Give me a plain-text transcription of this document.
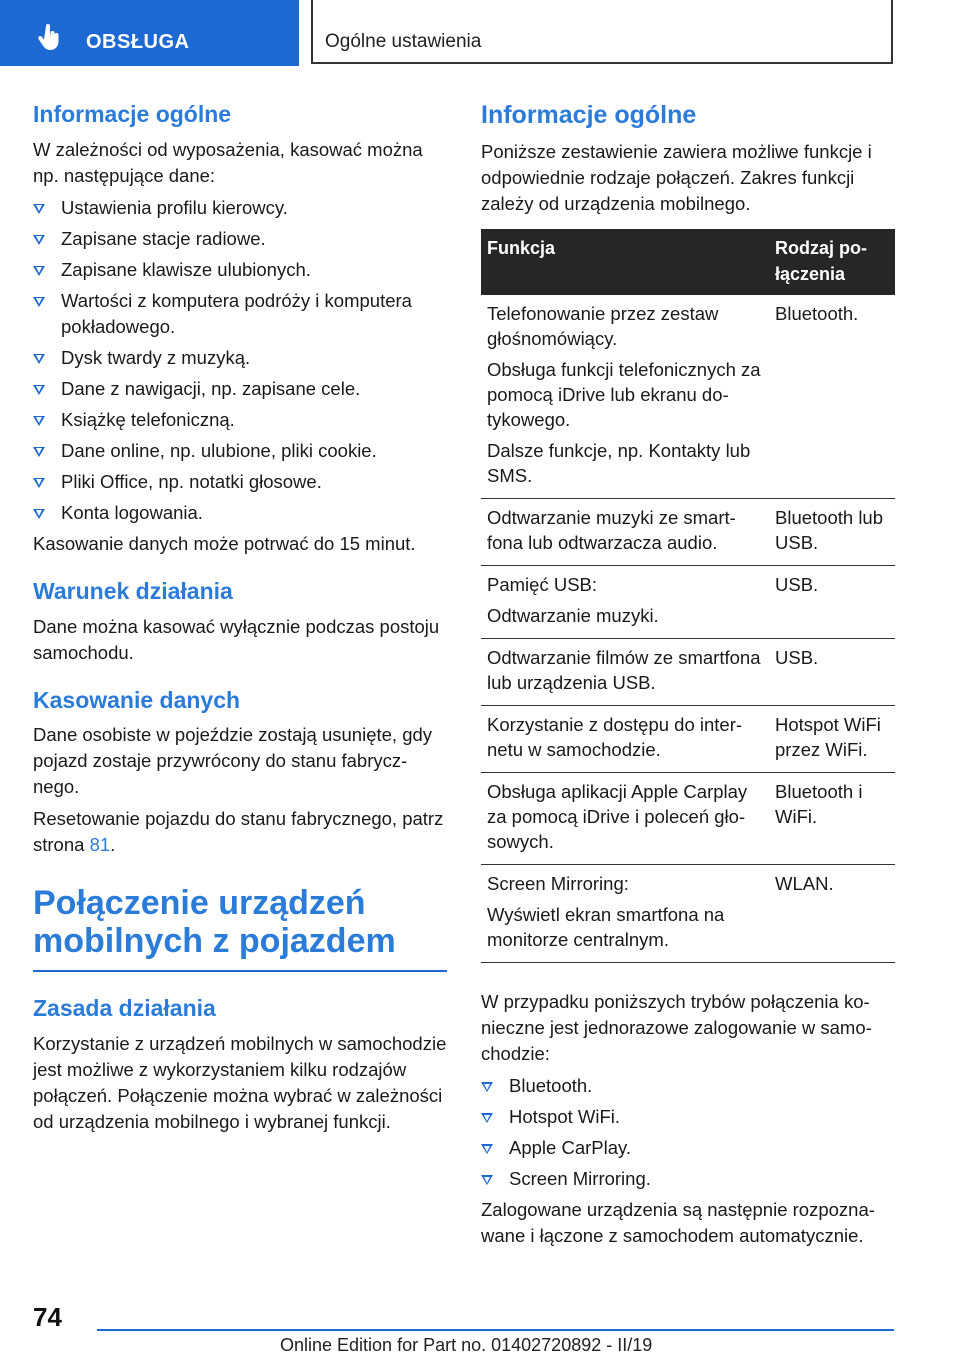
OBSŁUGA	Ogólne ustawienia
Informacje ogólne

W zależności od wyposażenia, kasować można np. następujące dane:

Ustawienia profilu kierowcy.
Zapisane stacje radiowe.
Zapisane klawisze ulubionych.
Wartości z komputera podróży i komputera pokładowego.
Dysk twardy z muzyką.
Dane z nawigacji, np. zapisane cele.
Książkę telefoniczną.
Dane online, np. ulubione, pliki cookie.
Pliki Office, np. notatki głosowe.
Konta logowania.

Kasowanie danych może potrwać do 15 minut.

Warunek działania

Dane można kasować wyłącznie podczas postoju samochodu.

Kasowanie danych

Dane osobiste w pojeździe zostają usunięte, gdy pojazd zostaje przywrócony do stanu fabrycznego.

Resetowanie pojazdu do stanu fabrycznego, patrz strona 81.

Połączenie urządzeń mobilnych z pojazdem
Zasada działania

Korzystanie z urządzeń mobilnych w samochodzie jest możliwe z wykorzystaniem kilku rodzajów połączeń. Połączenie można wybrać w zależności od urządzenia mobilnego i wybranej funkcji.

Informacje ogólne

Poniższe zestawienie zawiera możliwe funkcje i odpowiednie rodzaje połączeń. Zakres funkcji zależy od urządzenia mobilnego.

Funkcja	Rodzaj połączenia

Telefonowanie przez zestaw głośnomówiący.
Obsługa funkcji telefonicznych za pomocą iDrive lub ekranu dotykowego.
Dalsze funkcje, np. Kontakty lub SMS.	Bluetooth.

Odtwarzanie muzyki ze smartfona lub odtwarzacza audio.	Bluetooth lub USB.

Pamięć USB:
Odtwarzanie muzyki.	USB.

Odtwarzanie filmów ze smartfona lub urządzenia USB.	USB.

Korzystanie z dostępu do internetu w samochodzie.	Hotspot WiFi przez WiFi.

Obsługa aplikacji Apple Carplay za pomocą iDrive i poleceń głosowych.	Bluetooth i WiFi.

Screen Mirroring:
Wyświetl ekran smartfona na monitorze centralnym.	WLAN.

W przypadku poniższych trybów połączenia konieczne jest jednorazowe zalogowanie w samochodzie:

Bluetooth.
Hotspot WiFi.
Apple CarPlay.
Screen Mirroring.

Zalogowane urządzenia są następnie rozpoznawane i łączone z samochodem automatycznie.

74
Online Edition for Part no. 01402720892 - II/19
